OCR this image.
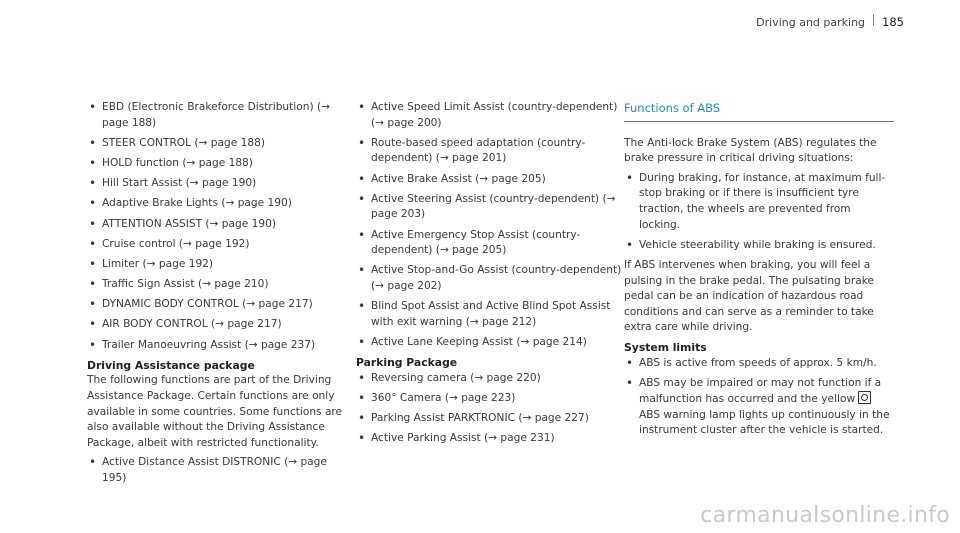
Driving and parking 185
• EBD (Electronic Brakeforce Distribution) (→ page 188)
• STEER CONTROL (→ page 188)
• HOLD function (→ page 188)
• Hill Start Assist (→ page 190)
• Adaptive Brake Lights (→ page 190)
• ATTENTION ASSIST (→ page 190)
• Cruise control (→ page 192)
• Limiter (→ page 192)
• Traffic Sign Assist (→ page 210)
• DYNAMIC BODY CONTROL (→ page 217)
• AIR BODY CONTROL (→ page 217)
• Trailer Manoeuvring Assist (→ page 237)
Driving Assistance package
The following functions are part of the Driving Assistance Package. Certain functions are only available in some countries. Some functions are also available without the Driving Assistance Package, albeit with restricted functionality.
• Active Distance Assist DISTRONIC (→ page 195)
• Active Speed Limit Assist (country-dependent) (→ page 200)
• Route-based speed adaptation (country-dependent) (→ page 201)
• Active Brake Assist (→ page 205)
• Active Steering Assist (country-dependent) (→ page 203)
• Active Emergency Stop Assist (country-dependent) (→ page 205)
• Active Stop-and-Go Assist (country-dependent) (→ page 202)
• Blind Spot Assist and Active Blind Spot Assist with exit warning (→ page 212)
• Active Lane Keeping Assist (→ page 214)
Parking Package
• Reversing camera (→ page 220)
• 360° Camera (→ page 223)
• Parking Assist PARKTRONIC (→ page 227)
• Active Parking Assist (→ page 231)
Functions of ABS
The Anti-lock Brake System (ABS) regulates the brake pressure in critical driving situations:
• During braking, for instance, at maximum full-stop braking or if there is insufficient tyre traction, the wheels are prevented from locking.
• Vehicle steerability while braking is ensured.
If ABS intervenes when braking, you will feel a pulsing in the brake pedal. The pulsating brake pedal can be an indication of hazardous road conditions and can serve as a reminder to take extra care while driving.
System limits
• ABS is active from speeds of approx. 5 km/h.
• ABS may be impaired or may not function if a malfunction has occurred and the yellow  ABS warning lamp lights up continuously in the instrument cluster after the vehicle is started.
carmanualsonline.info
